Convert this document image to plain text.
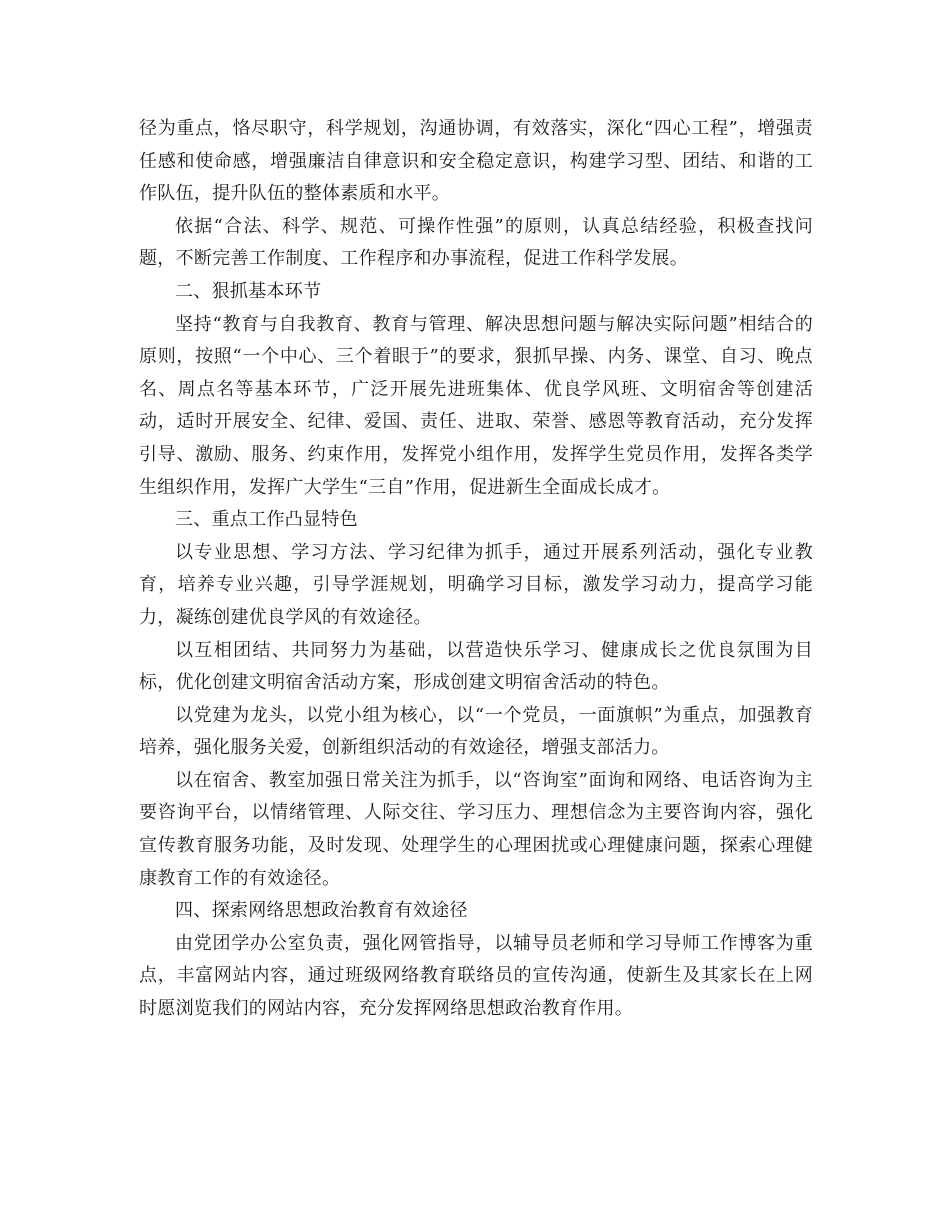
径为重点，恪尽职守，科学规划，沟通协调，有效落实，深化“四心工程”，增强责任感和使命感，增强廉洁自律意识和安全稳定意识，构建学习型、团结、和谐的工作队伍，提升队伍的整体素质和水平。

依据“合法、科学、规范、可操作性强”的原则，认真总结经验，积极查找问题，不断完善工作制度、工作程序和办事流程，促进工作科学发展。

二、狠抓基本环节

坚持“教育与自我教育、教育与管理、解决思想问题与解决实际问题”相结合的原则，按照“一个中心、三个着眼于”的要求，狠抓早操、内务、课堂、自习、晚点名、周点名等基本环节，广泛开展先进班集体、优良学风班、文明宿舍等创建活动，适时开展安全、纪律、爱国、责任、进取、荣誉、感恩等教育活动，充分发挥引导、激励、服务、约束作用，发挥党小组作用，发挥学生党员作用，发挥各类学生组织作用，发挥广大学生“三自”作用，促进新生全面成长成才。

三、重点工作凸显特色

以专业思想、学习方法、学习纪律为抓手，通过开展系列活动，强化专业教育，培养专业兴趣，引导学涯规划，明确学习目标，激发学习动力，提高学习能力，凝练创建优良学风的有效途径。

以互相团结、共同努力为基础，以营造快乐学习、健康成长之优良氛围为目标，优化创建文明宿舍活动方案，形成创建文明宿舍活动的特色。

以党建为龙头，以党小组为核心，以“一个党员，一面旗帜”为重点，加强教育培养，强化服务关爱，创新组织活动的有效途径，增强支部活力。

以在宿舍、教室加强日常关注为抓手，以“咨询室”面询和网络、电话咨询为主要咨询平台，以情绪管理、人际交往、学习压力、理想信念为主要咨询内容，强化宣传教育服务功能，及时发现、处理学生的心理困扰或心理健康问题，探索心理健康教育工作的有效途径。

四、探索网络思想政治教育有效途径

由党团学办公室负责，强化网管指导，以辅导员老师和学习导师工作博客为重点，丰富网站内容，通过班级网络教育联络员的宣传沟通，使新生及其家长在上网时愿浏览我们的网站内容，充分发挥网络思想政治教育作用。
